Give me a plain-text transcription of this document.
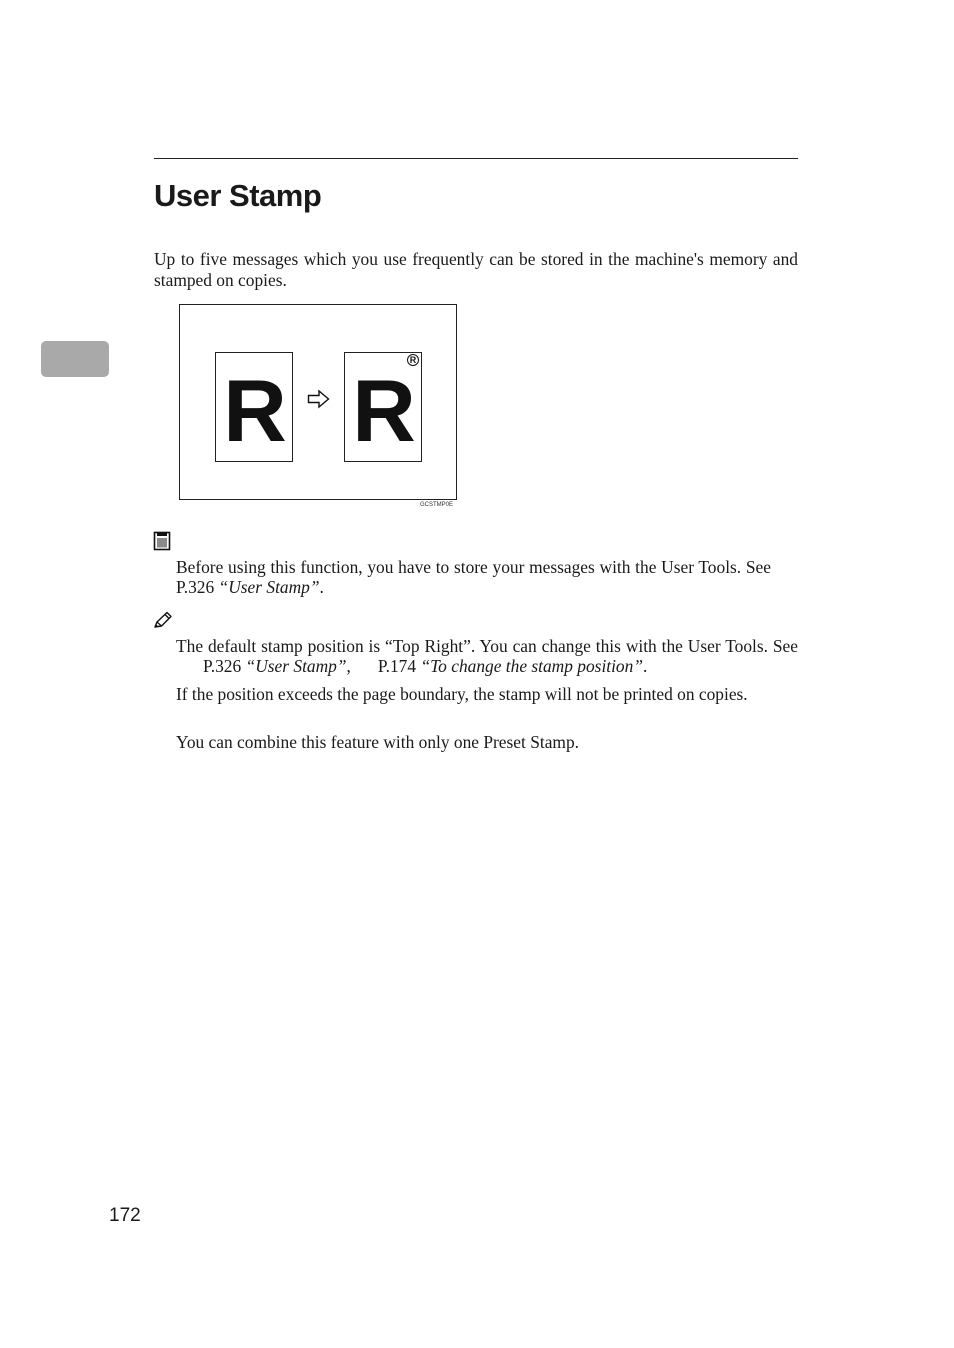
User Stamp

Up to five messages which you use frequently can be stored in the machine's memory and stamped on copies.

R
R
R
GCSTMP0E

Before using this function, you have to store your messages with the User Tools. SeeP.326 “User Stamp”.

The default stamp position is “Top Right”. You can change this with the User Tools. SeeP.326 “User Stamp”, P.174 “To change the stamp position”.

If the position exceeds the page boundary, the stamp will not be printed on copies.

You can combine this feature with only one Preset Stamp.

172
